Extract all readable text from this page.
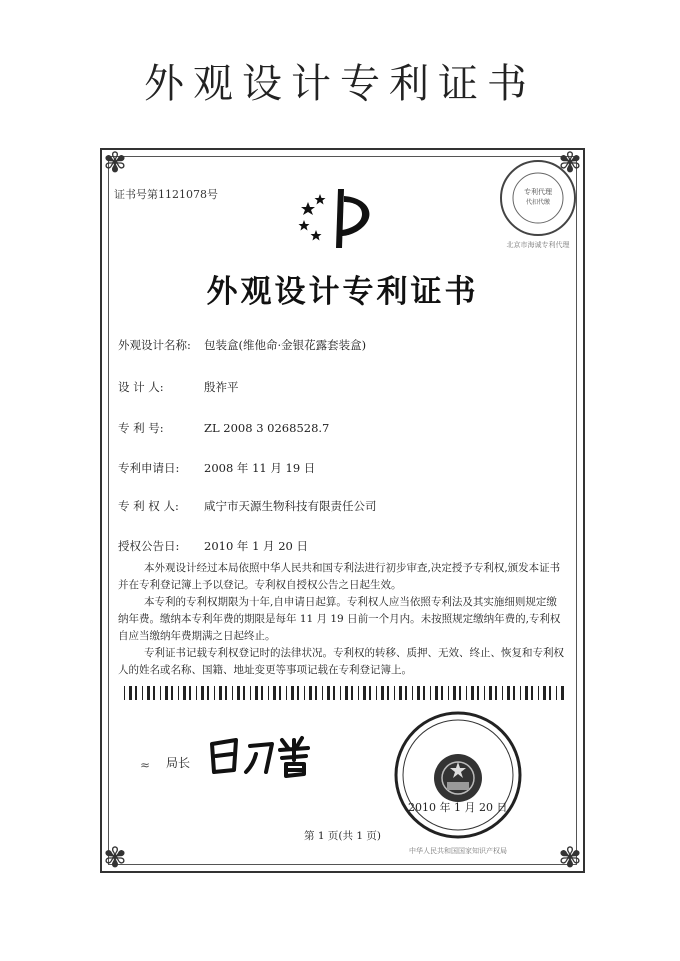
外观设计专利证书
✾	✾
✾	✾
证书号第1121078号	专利代理
代扣代缴
北京市海诚专利代理
外观设计专利证书
外观设计名称: 包装盒(维他命·金银花露套装盒)
设 计 人:	殷祚平
专 利 号:	ZL 2008 3 0268528.7
专利申请日: 2008 年 11 月 19 日
专 利 权 人: 咸宁市天源生物科技有限责任公司
授权公告日: 2010 年 1 月 20 日

本外观设计经过本局依照中华人民共和国专利法进行初步审查,决定授予专利权,颁发本证书并在专利登记簿上予以登记。专利权自授权公告之日起生效。

本专利的专利权期限为十年,自申请日起算。专利权人应当依照专利法及其实施细则规定缴纳年费。缴纳本专利年费的期限是每年 11 月 19 日前一个月内。未按照规定缴纳年费的,专利权自应当缴纳年费期满之日起终止。

专利证书记载专利权登记时的法律状况。专利权的转移、质押、无效、终止、恢复和专利权人的姓名或名称、国籍、地址变更等事项记载在专利登记簿上。

≈ 局长
中华人民共和国国家知识产权局
2010 年 1 月 20 日
第 1 页(共 1 页)
